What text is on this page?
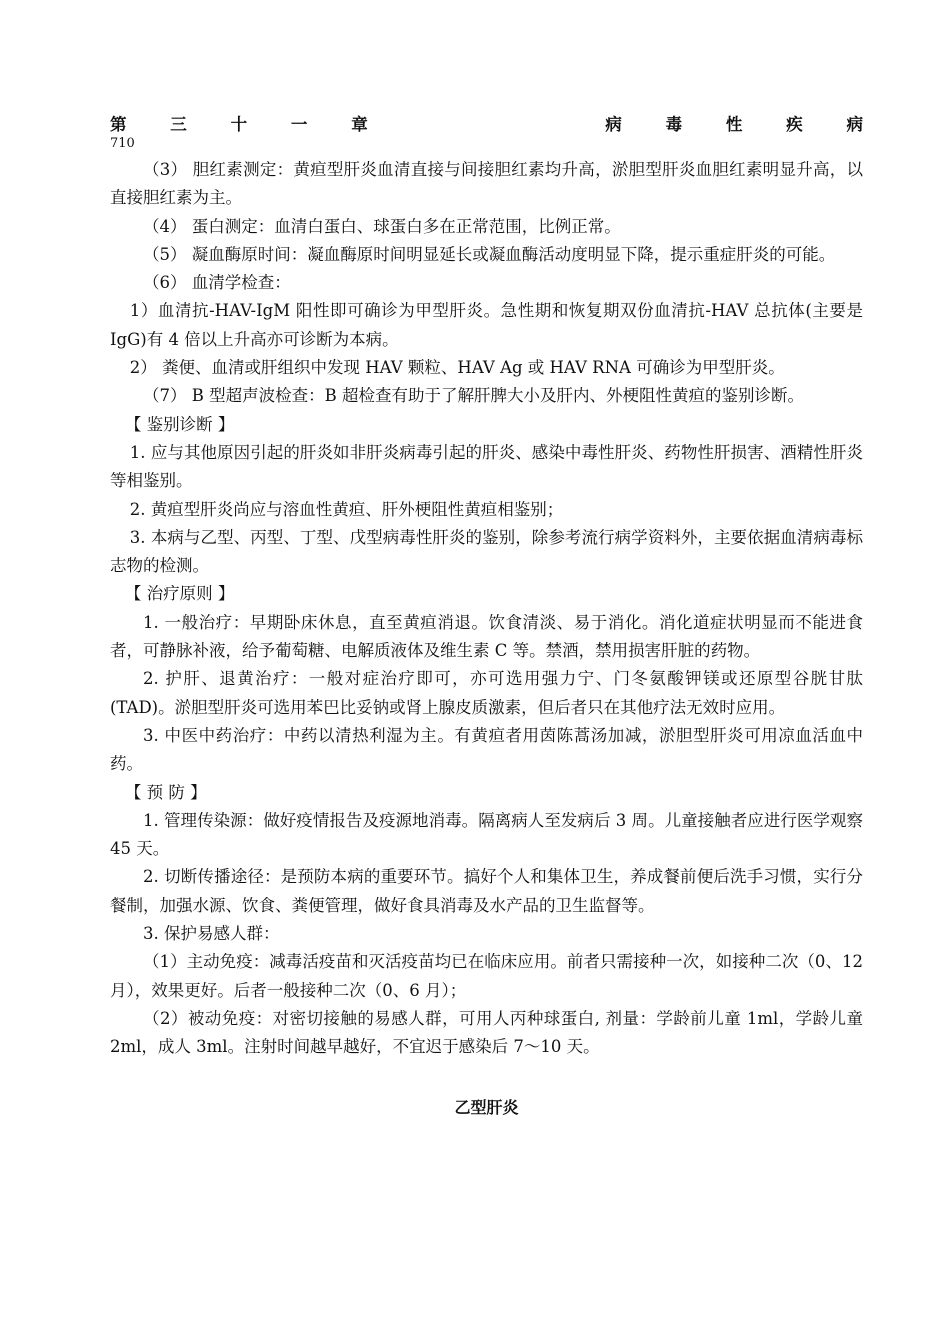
第	三	十	一	章	病	毒	性	疾	病
710

（3） 胆红素测定：黄疸型肝炎血清直接与间接胆红素均升高，淤胆型肝炎血胆红素明显升高，以直接胆红素为主。

（4） 蛋白测定：血清白蛋白、球蛋白多在正常范围，比例正常。

（5） 凝血酶原时间：凝血酶原时间明显延长或凝血酶活动度明显下降，提示重症肝炎的可能。

（6） 血清学检查：

1）血清抗-HAV-IgM 阳性即可确诊为甲型肝炎。急性期和恢复期双份血清抗-HAV 总抗体(主要是 IgG)有 4 倍以上升高亦可诊断为本病。

2） 粪便、血清或肝组织中发现 HAV 颗粒、HAV Ag 或 HAV RNA 可确诊为甲型肝炎。

（7） B 型超声波检查：B 超检查有助于了解肝脾大小及肝内、外梗阻性黄疸的鉴别诊断。

【 鉴别诊断 】

1. 应与其他原因引起的肝炎如非肝炎病毒引起的肝炎、感染中毒性肝炎、药物性肝损害、酒精性肝炎等相鉴别。

2. 黄疸型肝炎尚应与溶血性黄疸、肝外梗阻性黄疸相鉴别；

3. 本病与乙型、丙型、丁型、戊型病毒性肝炎的鉴别，除参考流行病学资料外，主要依据血清病毒标志物的检测。

【 治疗原则 】

1. 一般治疗：早期卧床休息，直至黄疸消退。饮食清淡、易于消化。消化道症状明显而不能进食者，可静脉补液，给予葡萄糖、电解质液体及维生素 C 等。禁酒，禁用损害肝脏的药物。

2. 护肝、退黄治疗：一般对症治疗即可，亦可选用强力宁、门冬氨酸钾镁或还原型谷胱甘肽(TAD)。淤胆型肝炎可选用苯巴比妥钠或肾上腺皮质激素，但后者只在其他疗法无效时应用。

3. 中医中药治疗：中药以清热利湿为主。有黄疸者用茵陈蒿汤加减，淤胆型肝炎可用凉血活血中药。

【 预 防 】

1. 管理传染源：做好疫情报告及疫源地消毒。隔离病人至发病后 3 周。儿童接触者应进行医学观察 45 天。

2. 切断传播途径：是预防本病的重要环节。搞好个人和集体卫生，养成餐前便后洗手习惯，实行分餐制，加强水源、饮食、粪便管理，做好食具消毒及水产品的卫生监督等。

3. 保护易感人群：

（1）主动免疫：减毒活疫苗和灭活疫苗均已在临床应用。前者只需接种一次，如接种二次（0、12 月），效果更好。后者一般接种二次（0、6 月）；

（2）被动免疫：对密切接触的易感人群，可用人丙种球蛋白, 剂量：学龄前儿童 1ml，学龄儿童 2ml，成人 3ml。注射时间越早越好，不宜迟于感染后 7～10 天。

乙型肝炎
